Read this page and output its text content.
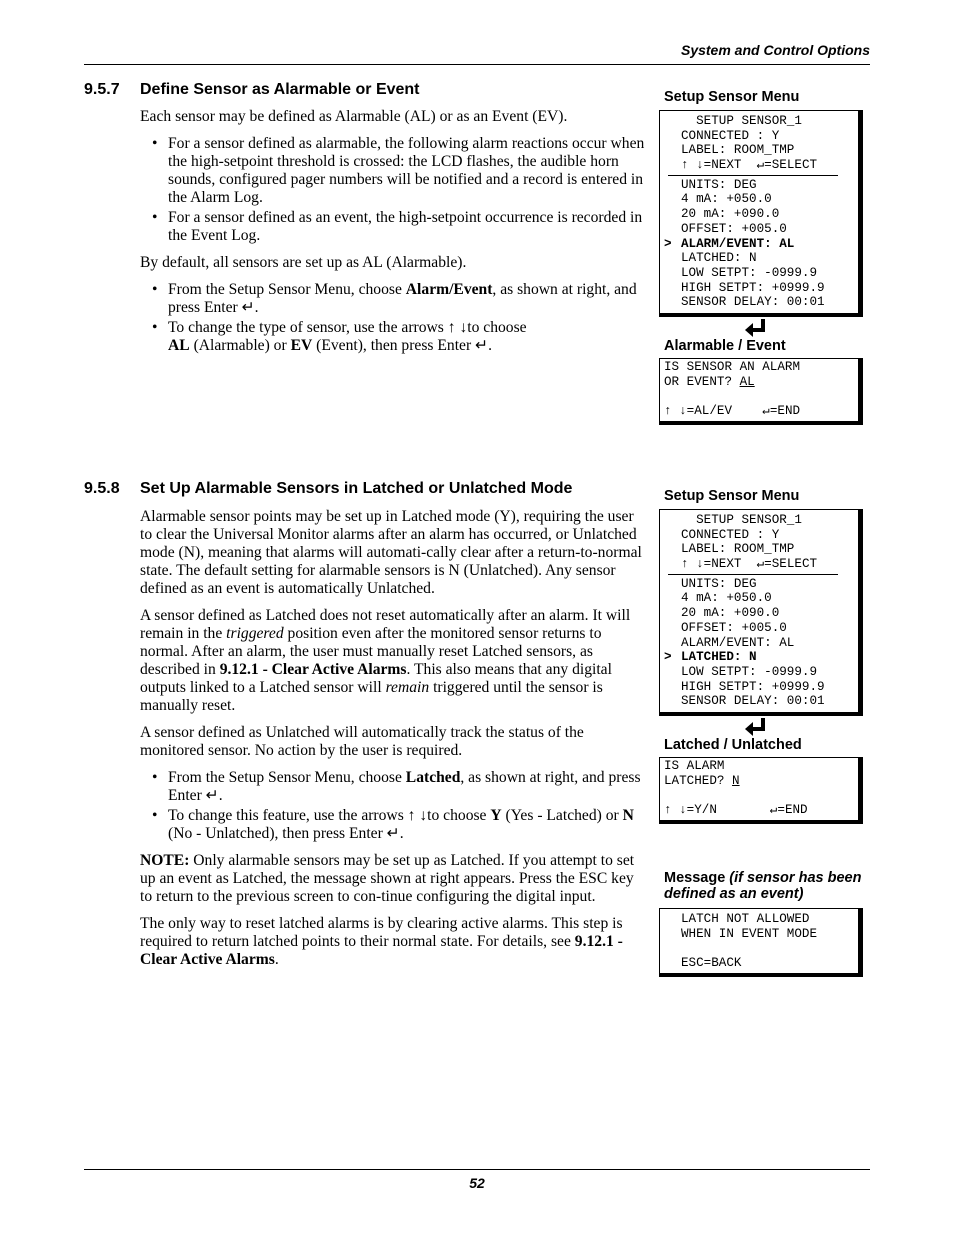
System and Control Options
9.5.7 Define Sensor as Alarmable or Event

Each sensor may be defined as Alarmable (AL) or as an Event (EV).

• For a sensor defined as alarmable, the following alarm reactions occur when the high-setpoint threshold is crossed: the LCD flashes, the audible horn sounds, configured pager numbers will be notified and a record is entered in the Alarm Log.
• For a sensor defined as an event, the high-setpoint occurrence is recorded in the Event Log.

By default, all sensors are set up as AL (Alarmable).

• From the Setup Sensor Menu, choose Alarm/Event, as shown at right, and press Enter ↵.
• To change the type of sensor, use the arrows ↑ ↓to choose
AL (Alarmable) or EV (Event), then press Enter ↵.
Setup Sensor Menu
SETUP SENSOR_1
CONNECTED : Y
LABEL: ROOM_TMP
↑ ↓=NEXT  ↵=SELECT
UNITS: DEG
4 mA: +050.0
20 mA: +090.0
OFFSET: +005.0
> ALARM/EVENT: AL
LATCHED: N
LOW SETPT: -0999.9
HIGH SETPT: +0999.9
SENSOR DELAY: 00:01
Alarmable / Event
IS SENSOR AN ALARM
OR EVENT? AL
↑ ↓=AL/EV    ↵=END
9.5.8 Set Up Alarmable Sensors in Latched or Unlatched Mode

Alarmable sensor points may be set up in Latched mode (Y), requiring the user to clear the Universal Monitor alarms after an alarm has occurred, or Unlatched mode (N), meaning that alarms will automati-cally clear after a return-to-normal state. The default setting for alarmable sensors is N (Unlatched). Any sensor defined as an event is automatically Unlatched.

A sensor defined as Latched does not reset automatically after an alarm. It will remain in the triggered position even after the monitored sensor returns to normal. After an alarm, the user must manually reset Latched sensors, as described in 9.12.1 - Clear Active Alarms. This also means that any digital outputs linked to a Latched sensor will remain triggered until the sensor is manually reset.

A sensor defined as Unlatched will automatically track the status of the monitored sensor. No action by the user is required.

• From the Setup Sensor Menu, choose Latched, as shown at right, and press Enter ↵.
• To change this feature, use the arrows ↑ ↓to choose Y (Yes - Latched) or N (No - Unlatched), then press Enter ↵.

NOTE: Only alarmable sensors may be set up as Latched. If you attempt to set up an event as Latched, the message shown at right appears. Press the ESC key to return to the previous screen to con-tinue configuring the digital input.

The only way to reset latched alarms is by clearing active alarms. This step is required to return latched points to their normal state. For details, see 9.12.1 - Clear Active Alarms.

Setup Sensor Menu
SETUP SENSOR_1
CONNECTED : Y
LABEL: ROOM_TMP
↑ ↓=NEXT  ↵=SELECT
UNITS: DEG
4 mA: +050.0
20 mA: +090.0
OFFSET: +005.0
ALARM/EVENT: AL
> LATCHED: N
LOW SETPT: -0999.9
HIGH SETPT: +0999.9
SENSOR DELAY: 00:01
Latched / Unlatched
IS ALARM
LATCHED? N
↑ ↓=Y/N       ↵=END
Message (if sensor has been defined as an event)
LATCH NOT ALLOWED
WHEN IN EVENT MODE
ESC=BACK
52
